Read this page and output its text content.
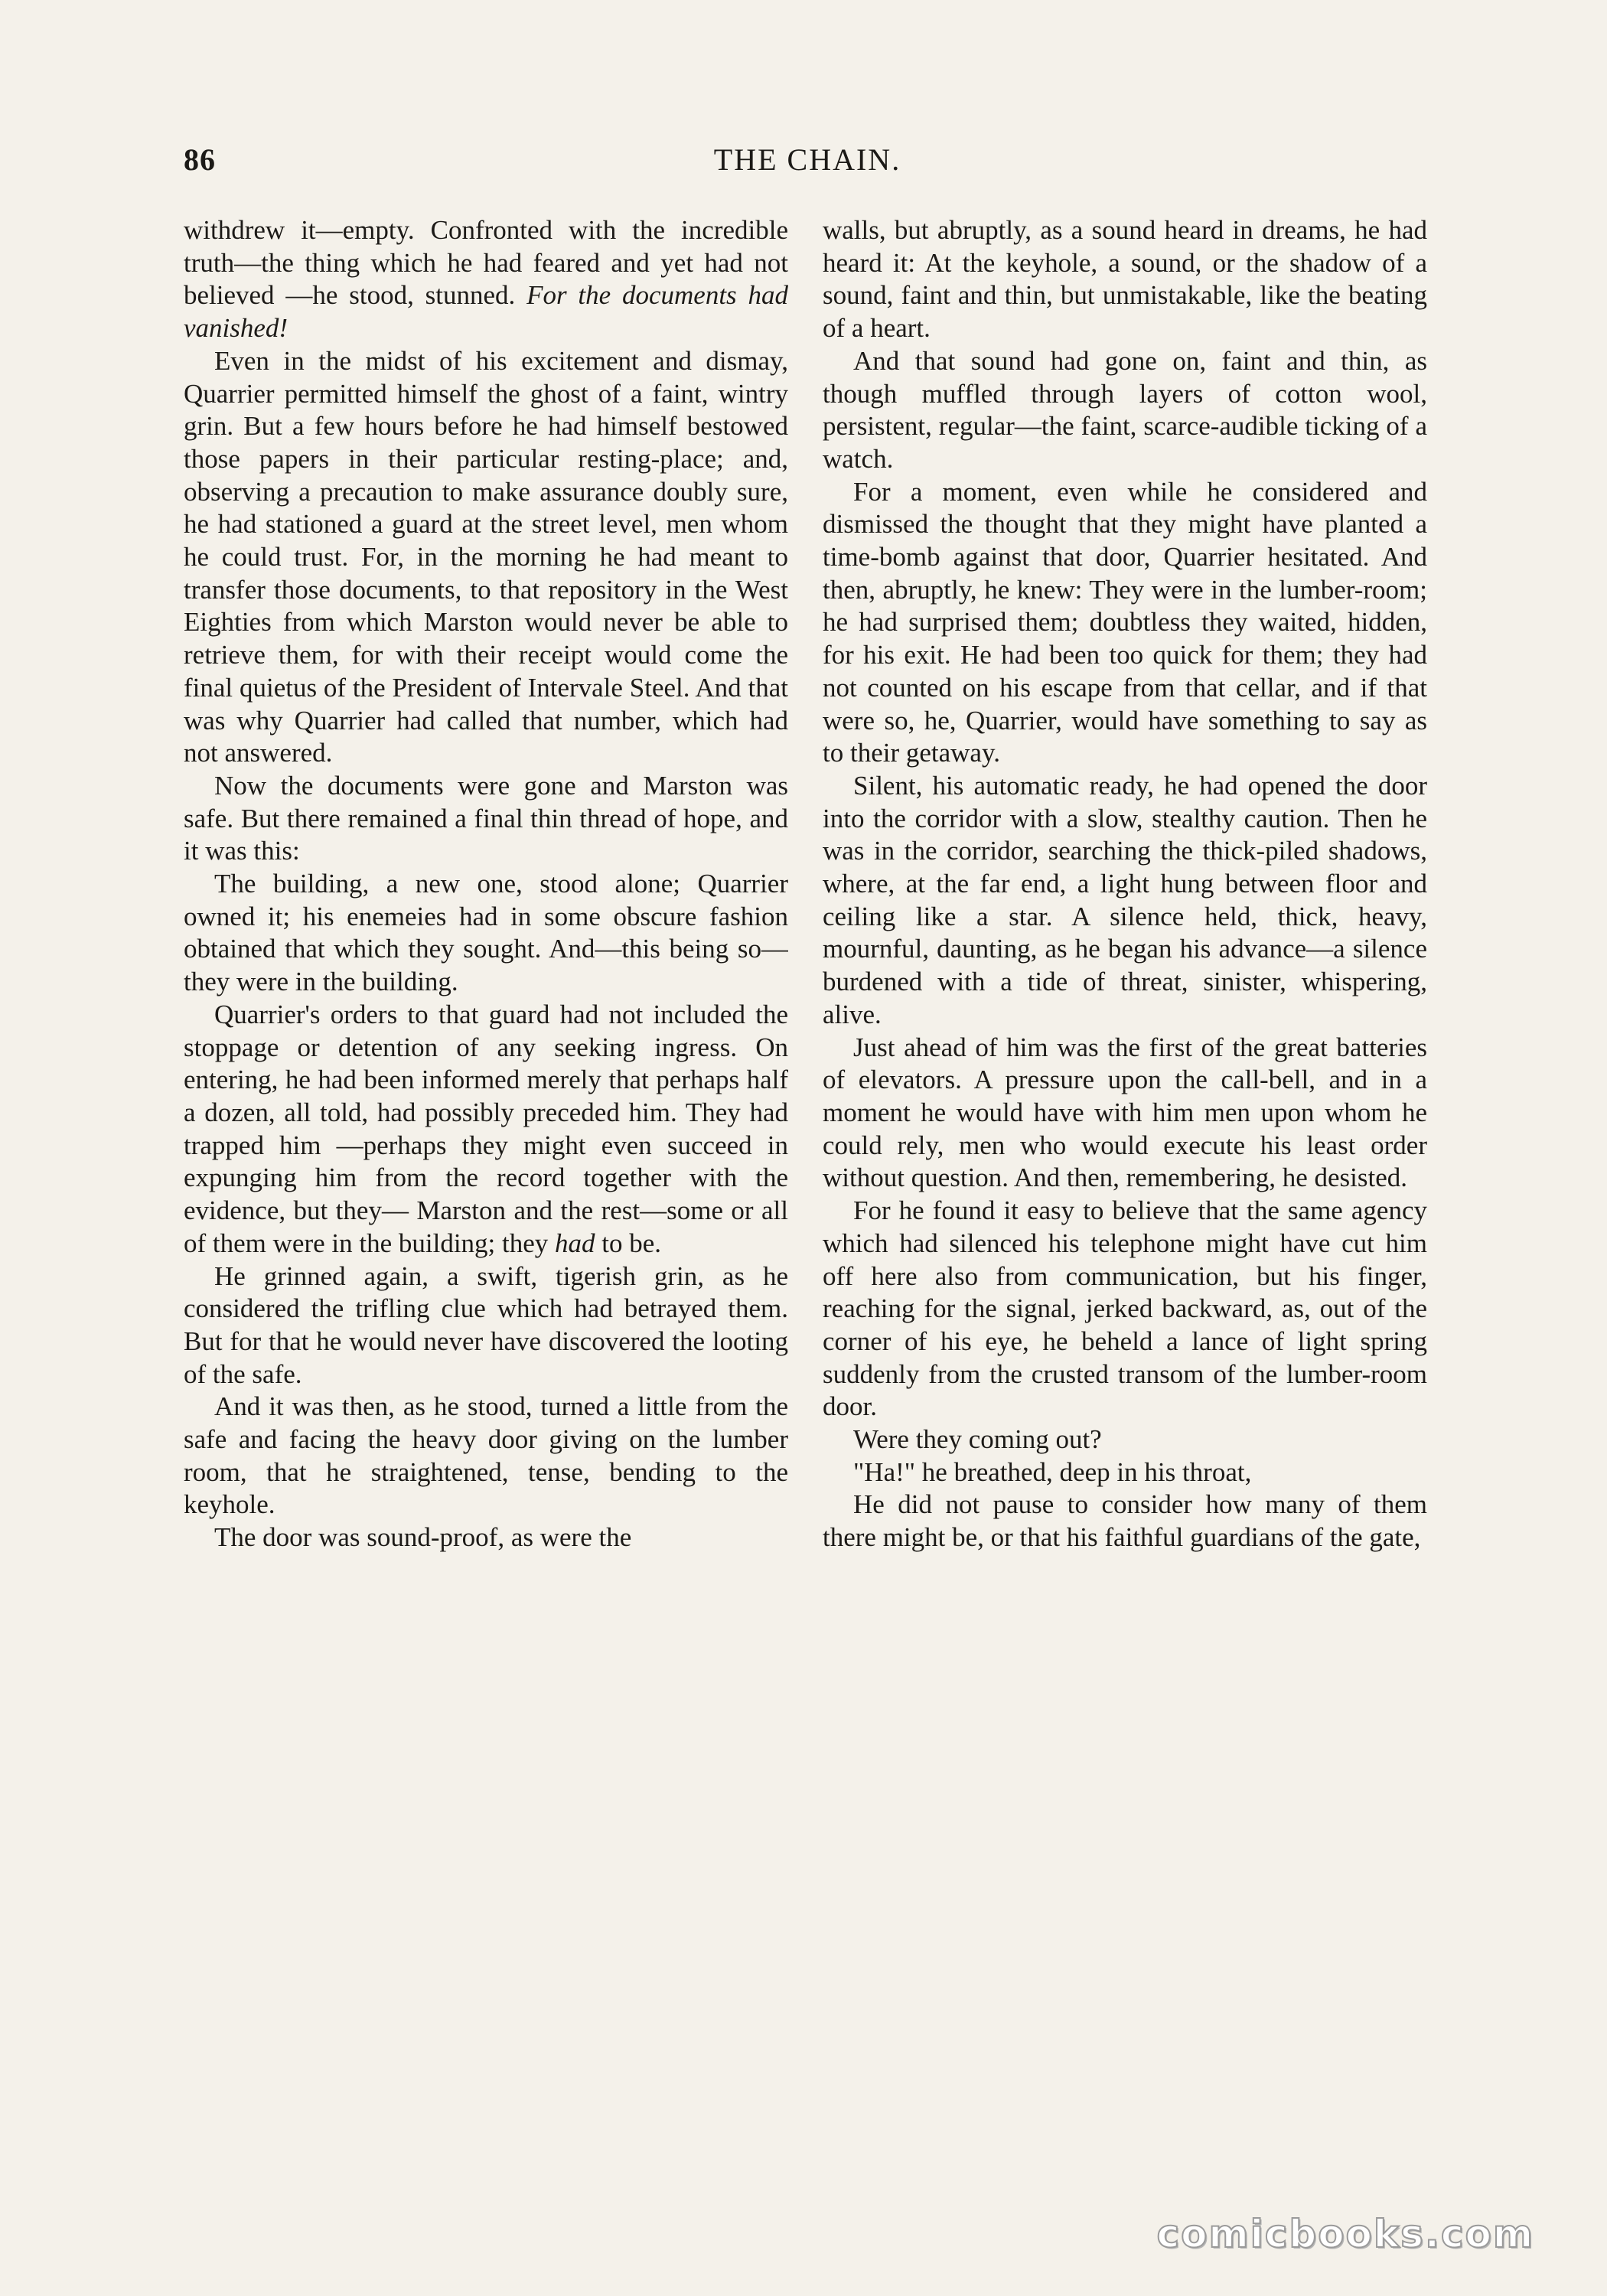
86	THE CHAIN.

withdrew it—empty. Confronted with the incredible truth—the thing which he had feared and yet had not believed —he stood, stunned. For the documents had vanished!

Even in the midst of his excitement and dismay, Quarrier permitted himself the ghost of a faint, wintry grin. But a few hours before he had himself bestowed those papers in their particular resting-place; and, observing a precaution to make assurance doubly sure, he had stationed a guard at the street level, men whom he could trust. For, in the morning he had meant to transfer those documents, to that repository in the West Eighties from which Marston would never be able to retrieve them, for with their receipt would come the final quietus of the President of Intervale Steel. And that was why Quarrier had called that number, which had not answered.

Now the documents were gone and Marston was safe. But there remained a final thin thread of hope, and it was this:

The building, a new one, stood alone; Quarrier owned it; his enemeies had in some obscure fashion obtained that which they sought. And—this being so—they were in the building.

Quarrier's orders to that guard had not included the stoppage or detention of any seeking ingress. On entering, he had been informed merely that perhaps half a dozen, all told, had possibly preceded him. They had trapped him —perhaps they might even succeed in expunging him from the record together with the evidence, but they— Marston and the rest—some or all of them were in the building; they had to be.

He grinned again, a swift, tigerish grin, as he considered the trifling clue which had betrayed them. But for that he would never have discovered the looting of the safe.

And it was then, as he stood, turned a little from the safe and facing the heavy door giving on the lumber room, that he straightened, tense, bending to the keyhole.

The door was sound-proof, as were the

walls, but abruptly, as a sound heard in dreams, he had heard it: At the keyhole, a sound, or the shadow of a sound, faint and thin, but unmistakable, like the beating of a heart.

And that sound had gone on, faint and thin, as though muffled through layers of cotton wool, persistent, regular—the faint, scarce-audible ticking of a watch.

For a moment, even while he considered and dismissed the thought that they might have planted a time-bomb against that door, Quarrier hesitated. And then, abruptly, he knew: They were in the lumber-room; he had surprised them; doubtless they waited, hidden, for his exit. He had been too quick for them; they had not counted on his escape from that cellar, and if that were so, he, Quarrier, would have something to say as to their getaway.

Silent, his automatic ready, he had opened the door into the corridor with a slow, stealthy caution. Then he was in the corridor, searching the thick-piled shadows, where, at the far end, a light hung between floor and ceiling like a star. A silence held, thick, heavy, mournful, daunting, as he began his advance—a silence burdened with a tide of threat, sinister, whispering, alive.

Just ahead of him was the first of the great batteries of elevators. A pressure upon the call-bell, and in a moment he would have with him men upon whom he could rely, men who would execute his least order without question. And then, remembering, he desisted.

For he found it easy to believe that the same agency which had silenced his telephone might have cut him off here also from communication, but his finger, reaching for the signal, jerked backward, as, out of the corner of his eye, he beheld a lance of light spring suddenly from the crusted transom of the lumber-room door.

Were they coming out?

"Ha!" he breathed, deep in his throat,

He did not pause to consider how many of them there might be, or that his faithful guardians of the gate,

comicbooks.com
